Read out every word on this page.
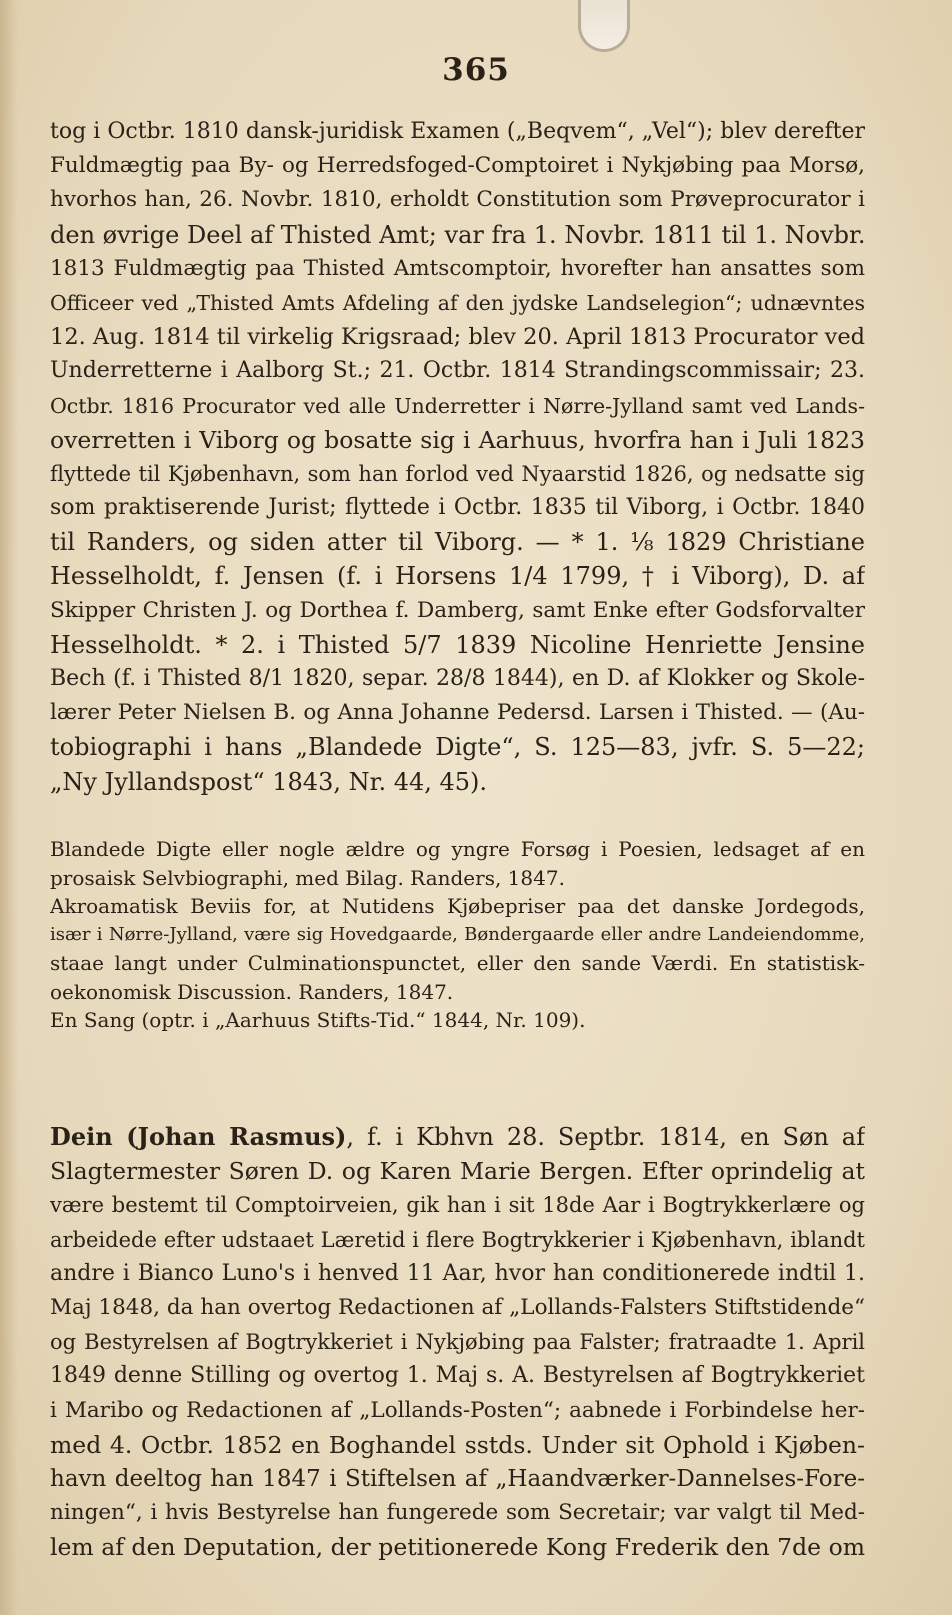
365
tog i Octbr. 1810 dansk-juridisk Examen („Beqvem“, „Vel“); blev derefter
Fuldmægtig paa By- og Herredsfoged-Comptoiret i Nykjøbing paa Morsø,
hvorhos han, 26. Novbr. 1810, erholdt Constitution som Prøveprocurator i
den øvrige Deel af Thisted Amt; var fra 1. Novbr. 1811 til 1. Novbr.
1813 Fuldmægtig paa Thisted Amtscomptoir, hvorefter han ansattes som
Officeer ved „Thisted Amts Afdeling af den jydske Landselegion“; udnævntes
12. Aug. 1814 til virkelig Krigsraad; blev 20. April 1813 Procurator ved
Underretterne i Aalborg St.; 21. Octbr. 1814 Strandingscommissair; 23.
Octbr. 1816 Procurator ved alle Underretter i Nørre-Jylland samt ved Lands-
overretten i Viborg og bosatte sig i Aarhuus, hvorfra han i Juli 1823
flyttede til Kjøbenhavn, som han forlod ved Nyaarstid 1826, og nedsatte sig
som praktiserende Jurist; flyttede i Octbr. 1835 til Viborg, i Octbr. 1840
til Randers, og siden atter til Viborg. — * 1. ⅛ 1829 Christiane
Hesselholdt, f. Jensen (f. i Horsens 1/4 1799, † i Viborg), D. af
Skipper Christen J. og Dorthea f. Damberg, samt Enke efter Godsforvalter
Hesselholdt. * 2. i Thisted 5/7 1839 Nicoline Henriette Jensine
Bech (f. i Thisted 8/1 1820, separ. 28/8 1844), en D. af Klokker og Skole-
lærer Peter Nielsen B. og Anna Johanne Pedersd. Larsen i Thisted. — (Au-
tobiographi i hans „Blandede Digte“, S. 125—83, jvfr. S. 5—22;
„Ny Jyllandspost“ 1843, Nr. 44, 45).
Blandede Digte eller nogle ældre og yngre Forsøg i Poesien, ledsaget af en
prosaisk Selvbiographi, med Bilag. Randers, 1847.
Akroamatisk Beviis for, at Nutidens Kjøbepriser paa det danske Jordegods,
især i Nørre-Jylland, være sig Hovedgaarde, Bøndergaarde eller andre Landeiendomme,
staae langt under Culminationspunctet, eller den sande Værdi. En statistisk-
oekonomisk Discussion. Randers, 1847.
En Sang (optr. i „Aarhuus Stifts-Tid.“ 1844, Nr. 109).
Dein (Johan Rasmus), f. i Kbhvn 28. Septbr. 1814, en Søn af
Slagtermester Søren D. og Karen Marie Bergen. Efter oprindelig at
være bestemt til Comptoirveien, gik han i sit 18de Aar i Bogtrykkerlære og
arbeidede efter udstaaet Læretid i flere Bogtrykkerier i Kjøbenhavn, iblandt
andre i Bianco Luno's i henved 11 Aar, hvor han conditionerede indtil 1.
Maj 1848, da han overtog Redactionen af „Lollands-Falsters Stiftstidende“
og Bestyrelsen af Bogtrykkeriet i Nykjøbing paa Falster; fratraadte 1. April
1849 denne Stilling og overtog 1. Maj s. A. Bestyrelsen af Bogtrykkeriet
i Maribo og Redactionen af „Lollands-Posten“; aabnede i Forbindelse her-
med 4. Octbr. 1852 en Boghandel sstds. Under sit Ophold i Kjøben-
havn deeltog han 1847 i Stiftelsen af „Haandværker-Dannelses-Fore-
ningen“, i hvis Bestyrelse han fungerede som Secretair; var valgt til Med-
lem af den Deputation, der petitionerede Kong Frederik den 7de om
